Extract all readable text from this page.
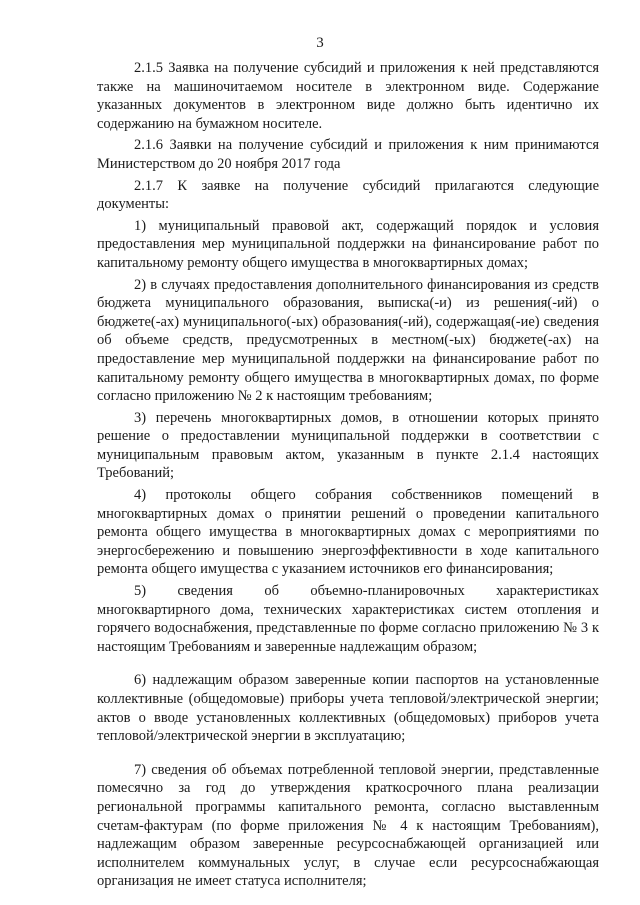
3

2.1.5 Заявка на получение субсидий и приложения к ней представляются также на машиночитаемом носителе в электронном виде. Содержание указанных документов в электронном виде должно быть идентично их содержанию на бумажном носителе.

2.1.6 Заявки на получение субсидий и приложения к ним принимаются Министерством до 20 ноября 2017 года

2.1.7 К заявке на получение субсидий прилагаются следующие документы:

1) муниципальный правовой акт, содержащий порядок и условия предоставления мер муниципальной поддержки на финансирование работ по капитальному ремонту общего имущества в многоквартирных домах;

2) в случаях предоставления дополнительного финансирования из средств бюджета муниципального образования, выписка(-и) из решения(-ий) о бюджете(-ах) муниципального(-ых) образования(-ий), содержащая(-ие) сведения об объеме средств, предусмотренных в местном(-ых) бюджете(-ах) на предоставление мер муниципальной поддержки на финансирование работ по капитальному ремонту общего имущества в многоквартирных домах, по форме согласно приложению № 2 к настоящим требованиям;

3) перечень многоквартирных домов, в отношении которых принято решение о предоставлении муниципальной поддержки в соответствии с муниципальным правовым актом, указанным в пункте 2.1.4 настоящих Требований;

4) протоколы общего собрания собственников помещений в многоквартирных домах о принятии решений о проведении капитального ремонта общего имущества в многоквартирных домах с мероприятиями по энергосбережению и повышению энергоэффективности в ходе капитального ремонта общего имущества с указанием источников его финансирования;

5) сведения об объемно-планировочных характеристиках многоквартирного дома, технических характеристиках систем отопления и горячего водоснабжения, представленные по форме согласно приложению № 3 к настоящим Требованиям и заверенные надлежащим образом;

6) надлежащим образом заверенные копии паспортов на установленные коллективные (общедомовые) приборы учета тепловой/электрической энергии; актов о вводе установленных коллективных (общедомовых) приборов учета тепловой/электрической энергии в эксплуатацию;

7) сведения об объемах потребленной тепловой энергии, представленные помесячно за год до утверждения краткосрочного плана реализации региональной программы капитального ремонта, согласно выставленным счетам-фактурам (по форме приложения № 4 к настоящим Требованиям), надлежащим образом заверенные ресурсоснабжающей организацией или исполнителем коммунальных услуг, в случае если ресурсоснабжающая организация не имеет статуса исполнителя;
